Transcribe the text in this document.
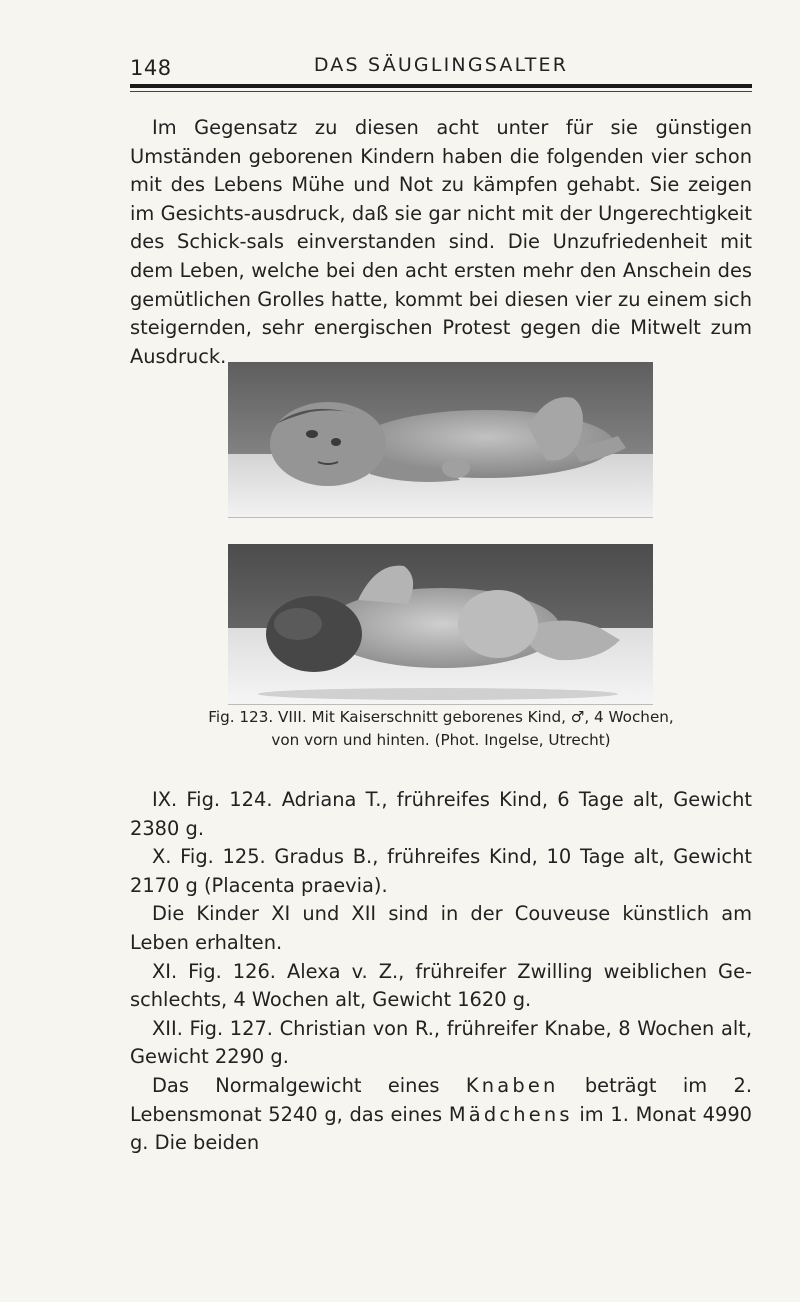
148	DAS SÄUGLINGSALTER

Im Gegensatz zu diesen acht unter für sie günstigen Umständen geborenen Kindern haben die folgenden vier schon mit des Lebens Mühe und Not zu kämpfen gehabt. Sie zeigen im Gesichts-ausdruck, daß sie gar nicht mit der Ungerechtigkeit des Schick-sals einverstanden sind. Die Unzufriedenheit mit dem Leben, welche bei den acht ersten mehr den Anschein des gemütlichen Grolles hatte, kommt bei diesen vier zu einem sich steigernden, sehr energischen Protest gegen die Mitwelt zum Ausdruck.

Fig. 123. VIII. Mit Kaiserschnitt geborenes Kind, ♂, 4 Wochen,
von vorn und hinten. (Phot. Ingelse, Utrecht)

IX. Fig. 124. Adriana T., frühreifes Kind, 6 Tage alt, Gewicht 2380 g.

X. Fig. 125. Gradus B., frühreifes Kind, 10 Tage alt, Gewicht 2170 g (Placenta praevia).

Die Kinder XI und XII sind in der Couveuse künstlich am Leben erhalten.

XI. Fig. 126. Alexa v. Z., frühreifer Zwilling weiblichen Ge-schlechts, 4 Wochen alt, Gewicht 1620 g.

XII. Fig. 127. Christian von R., frühreifer Knabe, 8 Wochen alt, Gewicht 2290 g.

Das Normalgewicht eines Knaben beträgt im 2. Lebensmonat 5240 g, das eines Mädchens im 1. Monat 4990 g. Die beiden
